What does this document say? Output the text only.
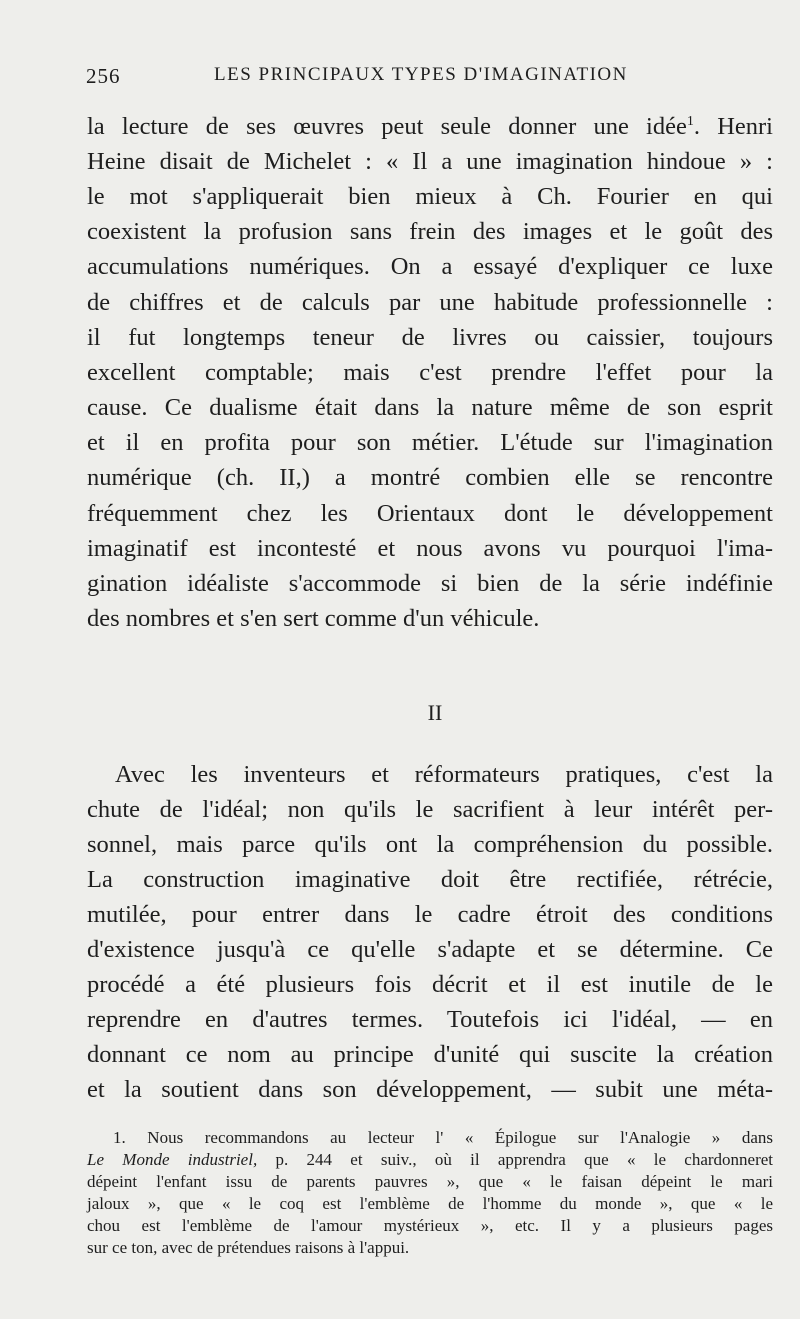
256	LES PRINCIPAUX TYPES D'IMAGINATION
la lecture de ses œuvres peut seule donner une idée$^1$. Henri
Heine disait de Michelet : « Il a une imagination hindoue » :
le mot s'appliquerait bien mieux à Ch. Fourier en qui
coexistent la profusion sans frein des images et le goût des
accumulations numériques. On a essayé d'expliquer ce luxe
de chiffres et de calculs par une habitude professionnelle :
il fut longtemps teneur de livres ou caissier, toujours
excellent comptable; mais c'est prendre l'effet pour la
cause. Ce dualisme était dans la nature même de son esprit
et il en profita pour son métier. L'étude sur l'imagination
numérique (ch. II,) a montré combien elle se rencontre
fréquemment chez les Orientaux dont le développement
imaginatif est incontesté et nous avons vu pourquoi l'ima-
gination idéaliste s'accommode si bien de la série indéfinie
des nombres et s'en sert comme d'un véhicule.
II
Avec les inventeurs et réformateurs pratiques, c'est la
chute de l'idéal; non qu'ils le sacrifient à leur intérêt per-
sonnel, mais parce qu'ils ont la compréhension du possible.
La construction imaginative doit être rectifiée, rétrécie,
mutilée, pour entrer dans le cadre étroit des conditions
d'existence jusqu'à ce qu'elle s'adapte et se détermine. Ce
procédé a été plusieurs fois décrit et il est inutile de le
reprendre en d'autres termes. Toutefois ici l'idéal, — en
donnant ce nom au principe d'unité qui suscite la création
et la soutient dans son développement, — subit une méta-
1. Nous recommandons au lecteur l' « Épilogue sur l'Analogie » dans
Le Monde industriel, p. 244 et suiv., où il apprendra que « le chardonneret
dépeint l'enfant issu de parents pauvres », que « le faisan dépeint le mari
jaloux », que « le coq est l'emblème de l'homme du monde », que « le
chou est l'emblème de l'amour mystérieux », etc. Il y a plusieurs pages
sur ce ton, avec de prétendues raisons à l'appui.
